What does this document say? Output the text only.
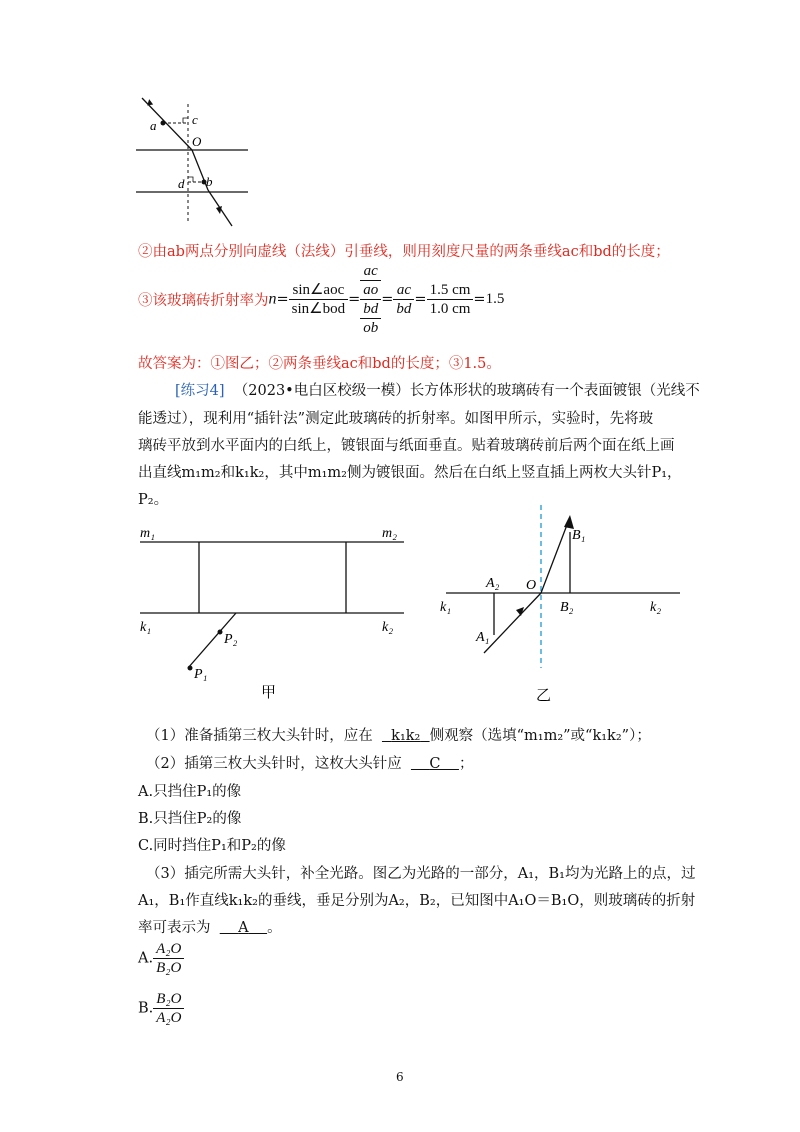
a	c
O
d b
②由ab两点分别向虚线（法线）引垂线，则用刻度尺量的两条垂线ac和bd的长度；
③该玻璃砖折射率为$n= \frac{\text{sin∠aoc}}{\text{sin∠bod}}$ = ac
ao
bd
ob = $\frac{ac}{bd} = \frac{1.5 cm}{1.0 cm} =1.5$
故答案为：①图乙；②两条垂线ac和bd的长度；③1.5。
[练习4] （2023•电白区校级一模）长方体形状的玻璃砖有一个表面镀银（光线不
能透过），现利用“插针法”测定此玻璃砖的折射率。如图甲所示，实验时，先将玻
璃砖平放到水平面内的白纸上，镀银面与纸面垂直。贴着玻璃砖前后两个面在纸上画
出直线m₁m₂和k₁k₂，其中m₁m₂侧为镀银面。然后在白纸上竖直插上两枚大头针P₁，
P₂。
m₁	m₂
k₁	k₂
P₂
P₁
甲
B₁
A₂ O
k₁	B₂	k₂
A₁
乙
（1）准备插第三枚大头针时，应在 k₁k₂ 侧观察（选填“m₁m₂”或“k₁k₂”）；
（2）插第三枚大头针时，这枚大头针应 C ；
A.只挡住P₁的像
B.只挡住P₂的像
C.同时挡住P₁和P₂的像
（3）插完所需大头针，补全光路。图乙为光路的一部分，A₁，B₁均为光路上的点，过
A₁，B₁作直线k₁k₂的垂线，垂足分别为A₂，B₂，已知图中A₁O＝B₁O，则玻璃砖的折射
率可表示为 A 。
A. $\frac{\text{A₂O}}{\text{B₂O}}$
B. $\frac{\text{B₂O}}{\text{A₂O}}$
6
